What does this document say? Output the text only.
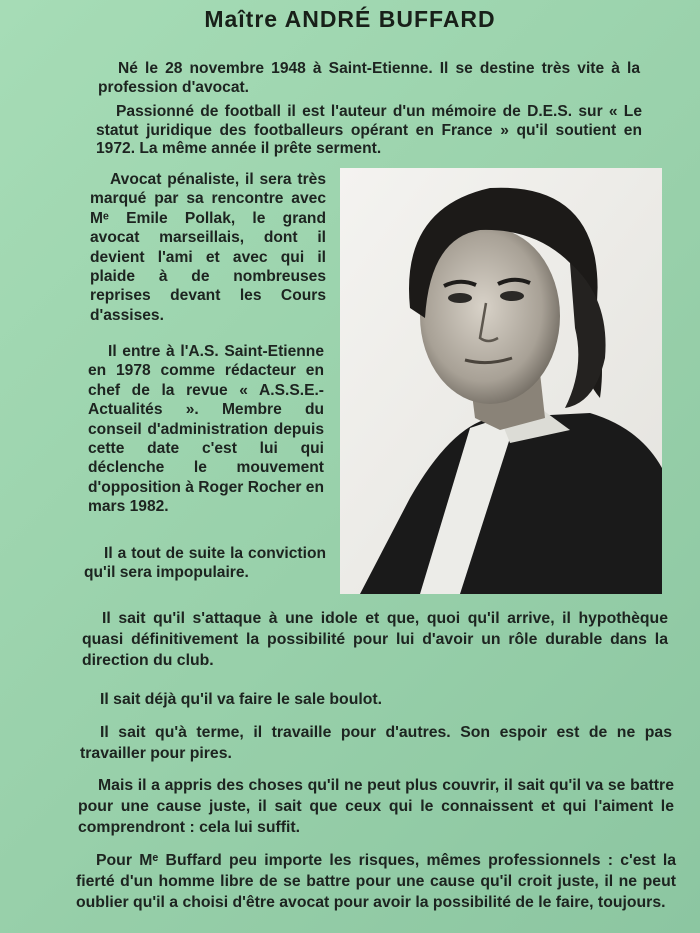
Maître ANDRÉ BUFFARD

Né le 28 novembre 1948 à Saint-Etienne. Il se destine très vite à la profession d'avocat.

Passionné de football il est l'auteur d'un mémoire de D.E.S. sur « Le statut juridique des footballeurs opérant en France » qu'il soutient en 1972. La même année il prête serment.

Avocat pénaliste, il sera très marqué par sa rencontre avec Mᵉ Emile Pollak, le grand avocat marseillais, dont il devient l'ami et avec qui il plaide à de nombreuses reprises devant les Cours d'assises.

Il entre à l'A.S. Saint-Etienne en 1978 comme rédacteur en chef de la revue « A.S.S.E.-Actualités ». Membre du conseil d'administration depuis cette date c'est lui qui déclenche le mouvement d'opposition à Roger Rocher en mars 1982.

Il a tout de suite la conviction qu'il sera impopulaire.

Il sait qu'il s'attaque à une idole et que, quoi qu'il arrive, il hypothèque quasi définitivement la possibilité pour lui d'avoir un rôle durable dans la direction du club.

Il sait déjà qu'il va faire le sale boulot.

Il sait qu'à terme, il travaille pour d'autres. Son espoir est de ne pas travailler pour pires.

Mais il a appris des choses qu'il ne peut plus couvrir, il sait qu'il va se battre pour une cause juste, il sait que ceux qui le connaissent et qui l'aiment le comprendront : cela lui suffit.

Pour Mᵉ Buffard peu importe les risques, mêmes professionnels : c'est la fierté d'un homme libre de se battre pour une cause qu'il croit juste, il ne peut oublier qu'il a choisi d'être avocat pour avoir la possibilité de le faire, toujours.
